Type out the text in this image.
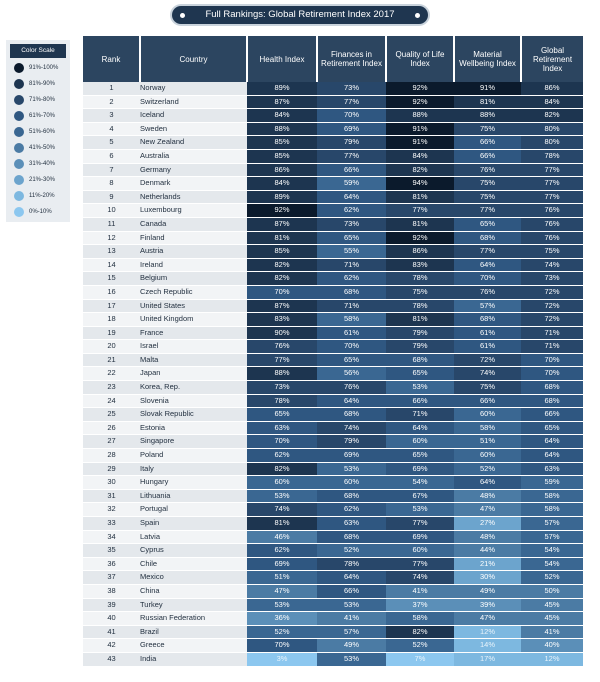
Full Rankings: Global Retirement Index 2017
Color Scale
91%-100%
81%-90%
71%-80%
61%-70%
51%-60%
41%-50%
31%-40%
21%-30%
11%-20%
0%-10%
Rank	Country	Health Index	Finances in Retirement Index	Quality of Life Index	Material Wellbeing Index	Global Retirement Index
1	Norway	89%	73%	92%	91%	86%
2	Switzerland	87%	77%	92%	81%	84%
3	Iceland	84%	70%	88%	88%	82%
4	Sweden	88%	69%	91%	75%	80%
5	New Zealand	85%	79%	91%	66%	80%
6	Australia	85%	77%	84%	66%	78%
7	Germany	86%	66%	82%	76%	77%
8	Denmark	84%	59%	94%	75%	77%
9	Netherlands	89%	64%	81%	75%	77%
10	Luxembourg	92%	62%	77%	77%	76%
11	Canada	87%	73%	81%	65%	76%
12	Finland	81%	65%	92%	68%	76%
13	Austria	85%	55%	86%	77%	75%
14	Ireland	82%	71%	83%	64%	74%
15	Belgium	82%	62%	78%	70%	73%
16	Czech Republic	70%	68%	75%	76%	72%
17	United States	87%	71%	78%	57%	72%
18	United Kingdom	83%	58%	81%	68%	72%
19	France	90%	61%	79%	61%	71%
20	Israel	76%	70%	79%	61%	71%
21	Malta	77%	65%	68%	72%	70%
22	Japan	88%	56%	65%	74%	70%
23	Korea, Rep.	73%	76%	53%	75%	68%
24	Slovenia	78%	64%	66%	66%	68%
25	Slovak Republic	65%	68%	71%	60%	66%
26	Estonia	63%	74%	64%	58%	65%
27	Singapore	70%	79%	60%	51%	64%
28	Poland	62%	69%	65%	60%	64%
29	Italy	82%	53%	69%	52%	63%
30	Hungary	60%	60%	54%	64%	59%
31	Lithuania	53%	68%	67%	48%	58%
32	Portugal	74%	62%	53%	47%	58%
33	Spain	81%	63%	77%	27%	57%
34	Latvia	46%	68%	69%	48%	57%
35	Cyprus	62%	52%	60%	44%	54%
36	Chile	69%	78%	77%	21%	54%
37	Mexico	51%	64%	74%	30%	52%
38	China	47%	66%	41%	49%	50%
39	Turkey	53%	53%	37%	39%	45%
40	Russian Federation	36%	41%	58%	47%	45%
41	Brazil	52%	57%	82%	12%	41%
42	Greece	70%	49%	52%	14%	40%
43	India	3%	53%	7%	17%	12%
